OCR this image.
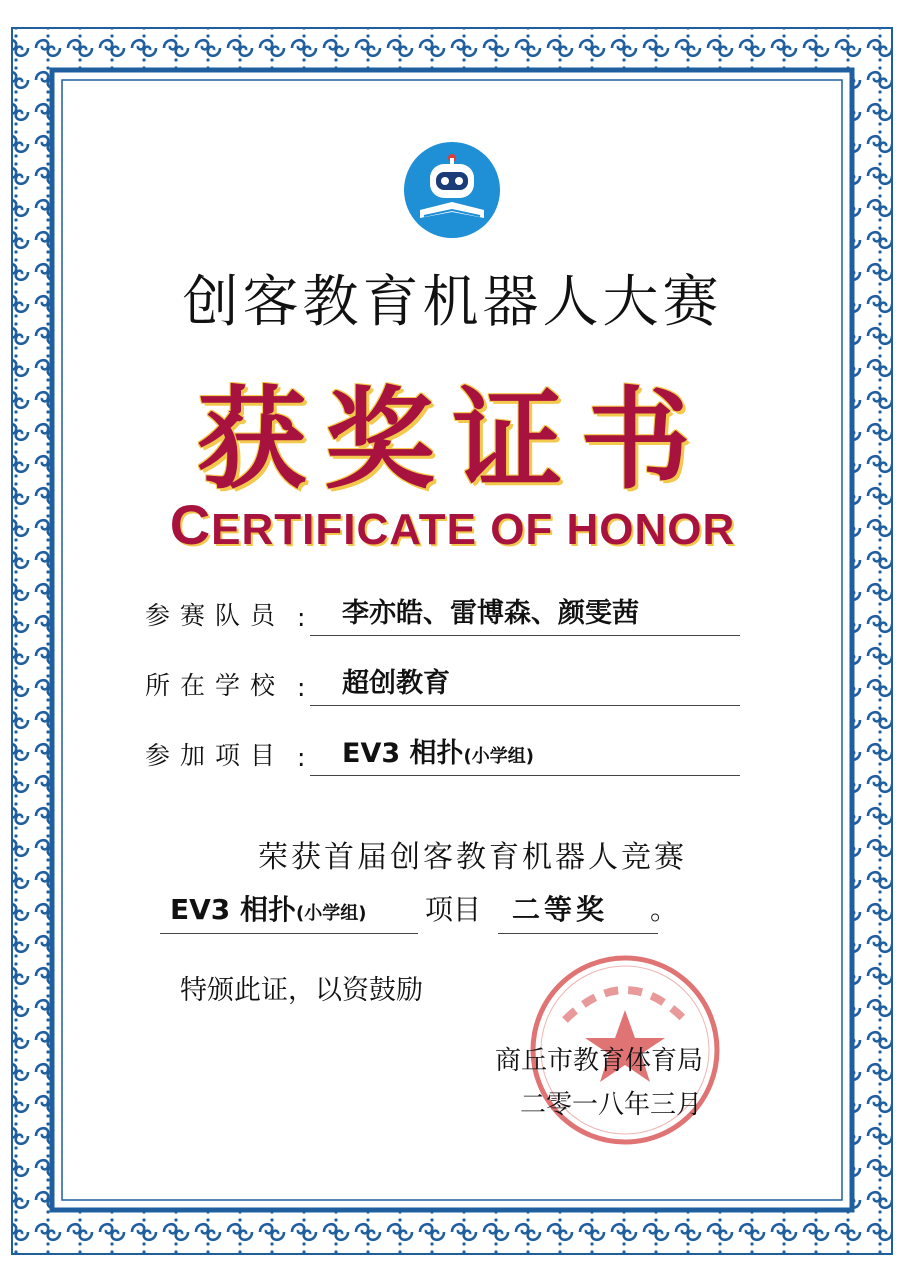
创客教育机器人大赛
获奖证书
CERTIFICATE OF HONOR
参赛队员 : 李亦皓、雷博森、颜雯茜
所在学校 : 超创教育
参加项目 : EV3 相扑(小学组)
荣获首届创客教育机器人竞赛
EV3 相扑(小学组) 项目 二等奖 。
特颁此证，以资鼓励
商丘市教育体育局
二零一八年三月
